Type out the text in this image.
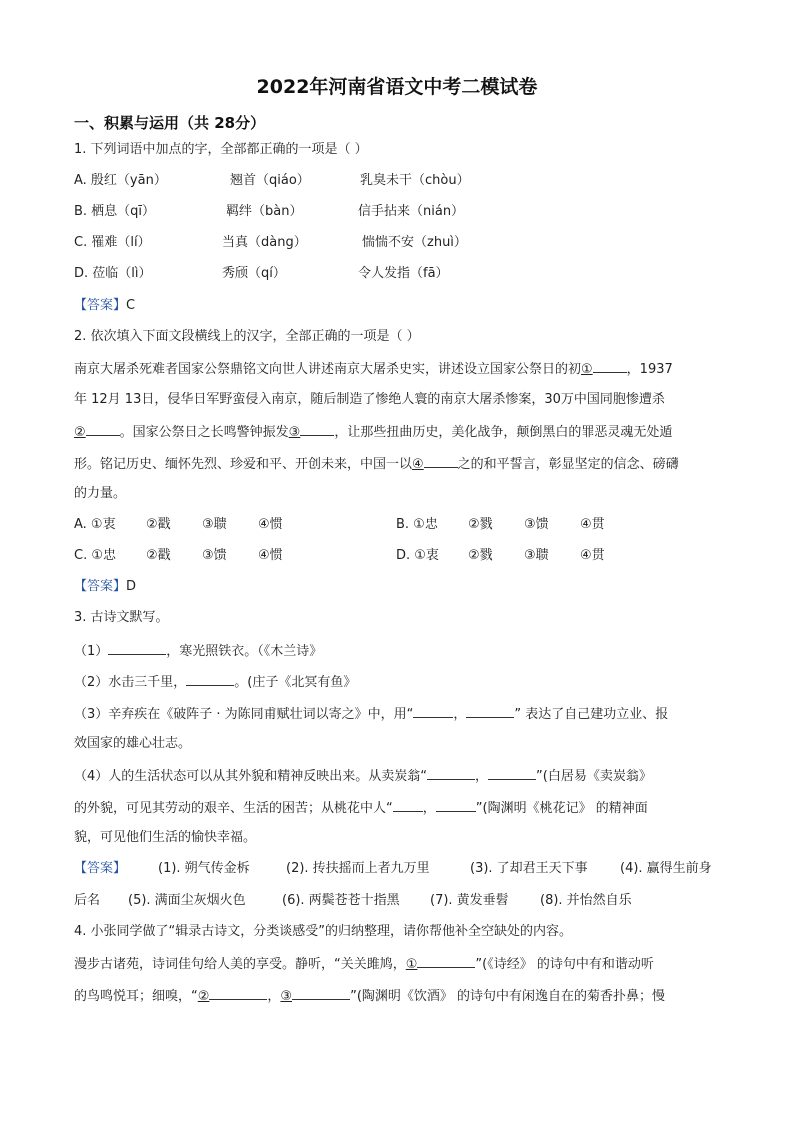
2022年河南省语文中考二模试卷
一、积累与运用（共 28分）
1. 下列词语中加点的字，全部都正确的一项是（ ）
A. 殷红（yān）	翘首（qiáo）	乳臭未干（chòu）
B. 栖息（qī）	羁绊（bàn）	信手拈来（nián）
C. 罹难（lí）	当真（dàng）	惴惴不安（zhuì）
D. 莅临（lì）	秀颀（qí）	令人发指（fā）
【答案】C
2. 依次填入下面文段横线上的汉字，全部正确的一项是（ ）
南京大屠杀死难者国家公祭鼎铭文向世人讲述南京大屠杀史实，讲述设立国家公祭日的初①	，1937
年 12月 13日，侵华日军野蛮侵入南京，随后制造了惨绝人寰的南京大屠杀惨案，30万中国同胞惨遭杀
②	。国家公祭日之长鸣警钟振发③	，让那些扭曲历史，美化战争，颠倒黑白的罪恶灵魂无处遁
形。铭记历史、缅怀先烈、珍爱和平、开创未来，中国一以④	之的和平誓言，彰显坚定的信念、磅礴
的力量。
A. ①衷 ②戳 ③聩 ④惯	B. ①忠 ②戮 ③馈 ④贯
C. ①忠 ②戳 ③馈 ④惯	D. ①衷 ②戮 ③聩 ④贯
【答案】D
3. 古诗文默写。
（1）	，寒光照铁衣。（《木兰诗》
（2）水击三千里，	。(庄子《北冥有鱼》
（3）辛弃疾在《破阵子 · 为陈同甫赋壮词以寄之》中，用“	，	” 表达了自己建功立业、报
效国家的雄心壮志。
（4）人的生活状态可以从其外貌和精神反映出来。从卖炭翁“	，	”(白居易《卖炭翁》
的外貌，可见其劳动的艰辛、生活的困苦；从桃花中人“ ，	”(陶渊明《桃花记》 的精神面
貌，可见他们生活的愉快幸福。
【答案】 (1). 朔气传金柝	(2). 抟扶摇而上者九万里	(3). 了却君王天下事 (4). 赢得生前身
后名 (5). 满面尘灰烟火色	(6). 两鬓苍苍十指黑 (7). 黄发垂髫 (8). 并怡然自乐
4. 小张同学做了“辑录古诗文，分类谈感受”的归纳整理，请你帮他补全空缺处的内容。
漫步古诸苑，诗词佳句给人美的享受。静听，“关关雎鸠，①	”(《诗经》 的诗句中有和谐动听
的鸟鸣悦耳；细嗅，“②	，③	”(陶渊明《饮酒》 的诗句中有闲逸自在的菊香扑鼻；慢
